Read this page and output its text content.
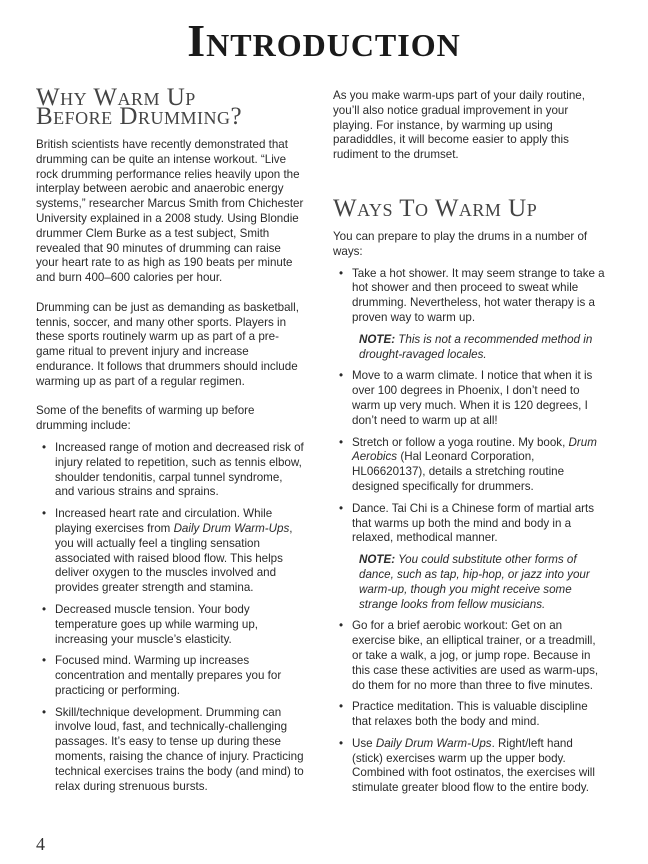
Introduction
Why Warm Up
Before Drumming?

British scientists have recently demonstrated that drumming can be quite an intense workout. “Live rock drumming performance relies heavily upon the interplay between aerobic and anaerobic energy systems,” researcher Marcus Smith from Chichester University explained in a 2008 study. Using Blondie drummer Clem Burke as a test subject, Smith revealed that 90 minutes of drumming can raise your heart rate to as high as 190 beats per minute and burn 400–600 calories per hour.

Drumming can be just as demanding as basketball, tennis, soccer, and many other sports. Players in these sports routinely warm up as part of a pre-game ritual to prevent injury and increase endurance. It follows that drummers should include warming up as part of a regular regimen.

Some of the benefits of warming up before drumming include:

• Increased range of motion and decreased risk of injury related to repetition, such as tennis elbow, shoulder tendonitis, carpal tunnel syndrome, and various strains and sprains.
• Increased heart rate and circulation. While playing exercises from Daily Drum Warm-Ups, you will actually feel a tingling sensation associated with raised blood flow. This helps deliver oxygen to the muscles involved and provides greater strength and stamina.
• Decreased muscle tension. Your body temperature goes up while warming up, increasing your muscle’s elasticity.
• Focused mind. Warming up increases concentration and mentally prepares you for practicing or performing.
• Skill/technique development. Drumming can involve loud, fast, and technically-challenging passages. It’s easy to tense up during these moments, raising the chance of injury. Practicing technical exercises trains the body (and mind) to relax during strenuous bursts.

As you make warm-ups part of your daily routine, you’ll also notice gradual improvement in your playing. For instance, by warming up using paradiddles, it will become easier to apply this rudiment to the drumset.

Ways To Warm Up

You can prepare to play the drums in a number of ways:

• Take a hot shower. It may seem strange to take a hot shower and then proceed to sweat while drumming. Nevertheless, hot water therapy is a proven way to warm up.
NOTE: This is not a recommended method in drought-ravaged locales.
• Move to a warm climate. I notice that when it is over 100 degrees in Phoenix, I don’t need to warm up very much. When it is 120 degrees, I don’t need to warm up at all!
• Stretch or follow a yoga routine. My book, Drum Aerobics (Hal Leonard Corporation, HL06620137), details a stretching routine designed specifically for drummers.
• Dance. Tai Chi is a Chinese form of martial arts that warms up both the mind and body in a relaxed, methodical manner.
NOTE: You could substitute other forms of dance, such as tap, hip-hop, or jazz into your warm-up, though you might receive some strange looks from fellow musicians.
• Go for a brief aerobic workout: Get on an exercise bike, an elliptical trainer, or a treadmill, or take a walk, a jog, or jump rope. Because in this case these activities are used as warm-ups, do them for no more than three to five minutes.
• Practice meditation. This is valuable discipline that relaxes both the body and mind.
• Use Daily Drum Warm-Ups. Right/left hand (stick) exercises warm up the upper body. Combined with foot ostinatos, the exercises will stimulate greater blood flow to the entire body.
4
